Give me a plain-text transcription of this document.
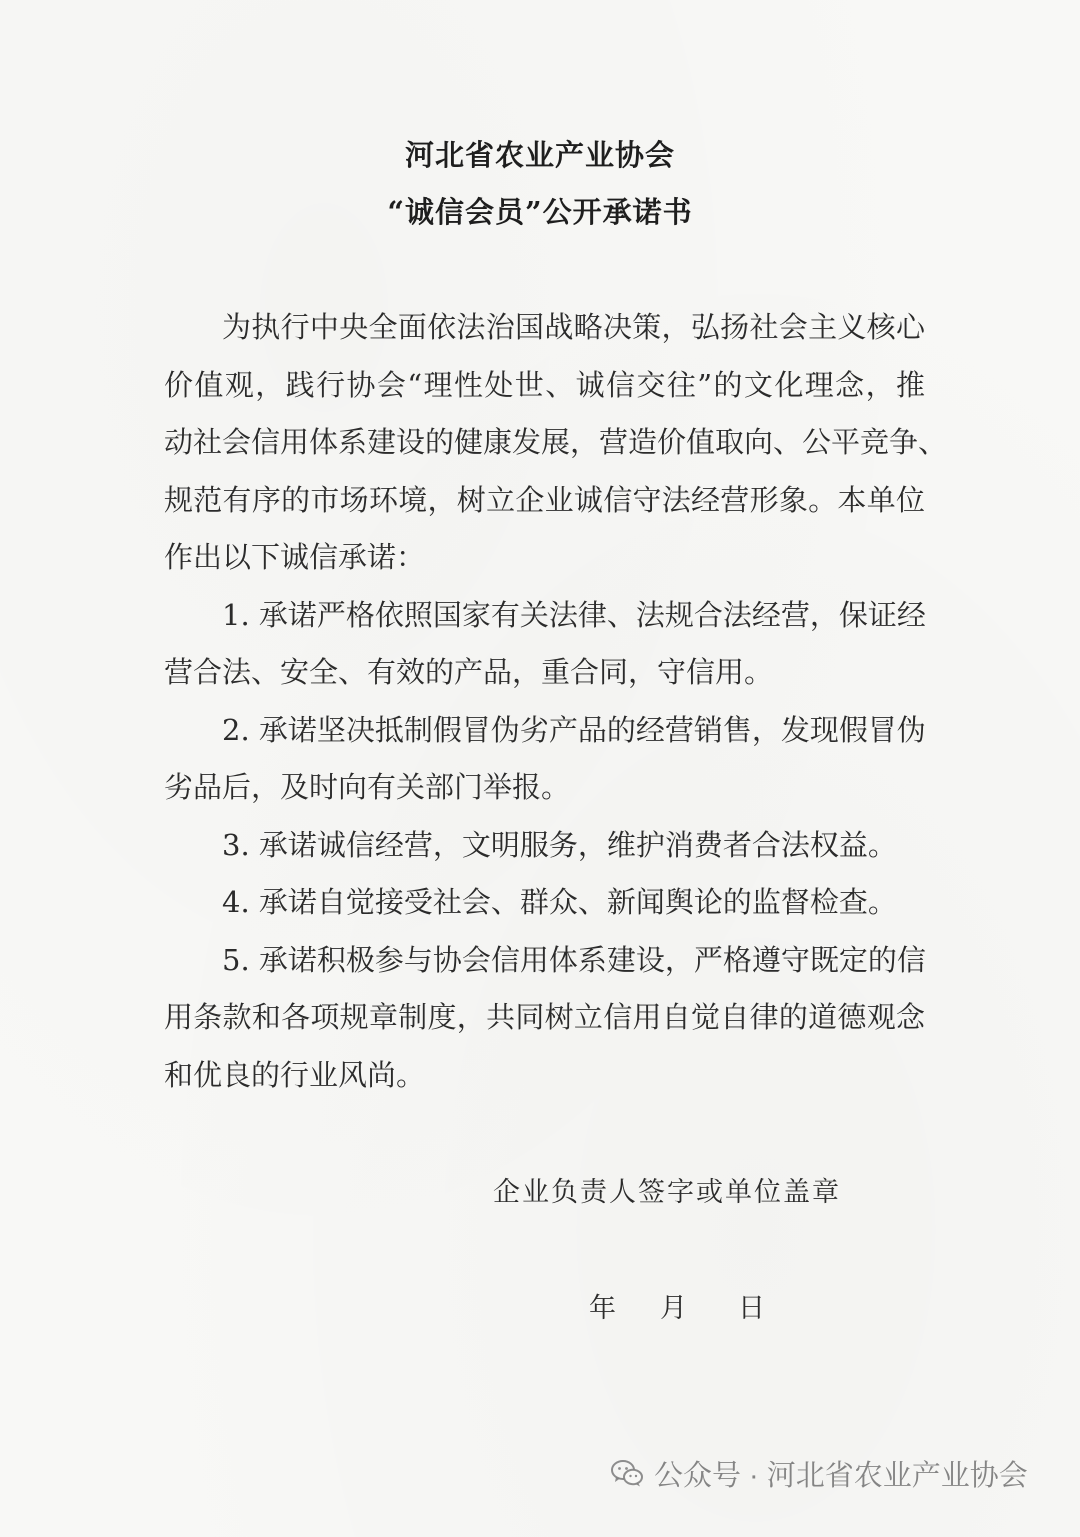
河北省农业产业协会
“诚信会员”公开承诺书
为执行中央全面依法治国战略决策，弘扬社会主义核心
价值观，践行协会“理性处世、诚信交往”的文化理念，推
动社会信用体系建设的健康发展，营造价值取向、公平竞争、
规范有序的市场环境，树立企业诚信守法经营形象。本单位
作出以下诚信承诺：
1. 承诺严格依照国家有关法律、法规合法经营，保证经
营合法、安全、有效的产品，重合同，守信用。
2. 承诺坚决抵制假冒伪劣产品的经营销售，发现假冒伪
劣品后，及时向有关部门举报。
3. 承诺诚信经营，文明服务，维护消费者合法权益。
4. 承诺自觉接受社会、群众、新闻舆论的监督检查。
5. 承诺积极参与协会信用体系建设，严格遵守既定的信
用条款和各项规章制度，共同树立信用自觉自律的道德观念
和优良的行业风尚。
企业负责人签字或单位盖章
年 月 日
公众号 · 河北省农业产业协会
